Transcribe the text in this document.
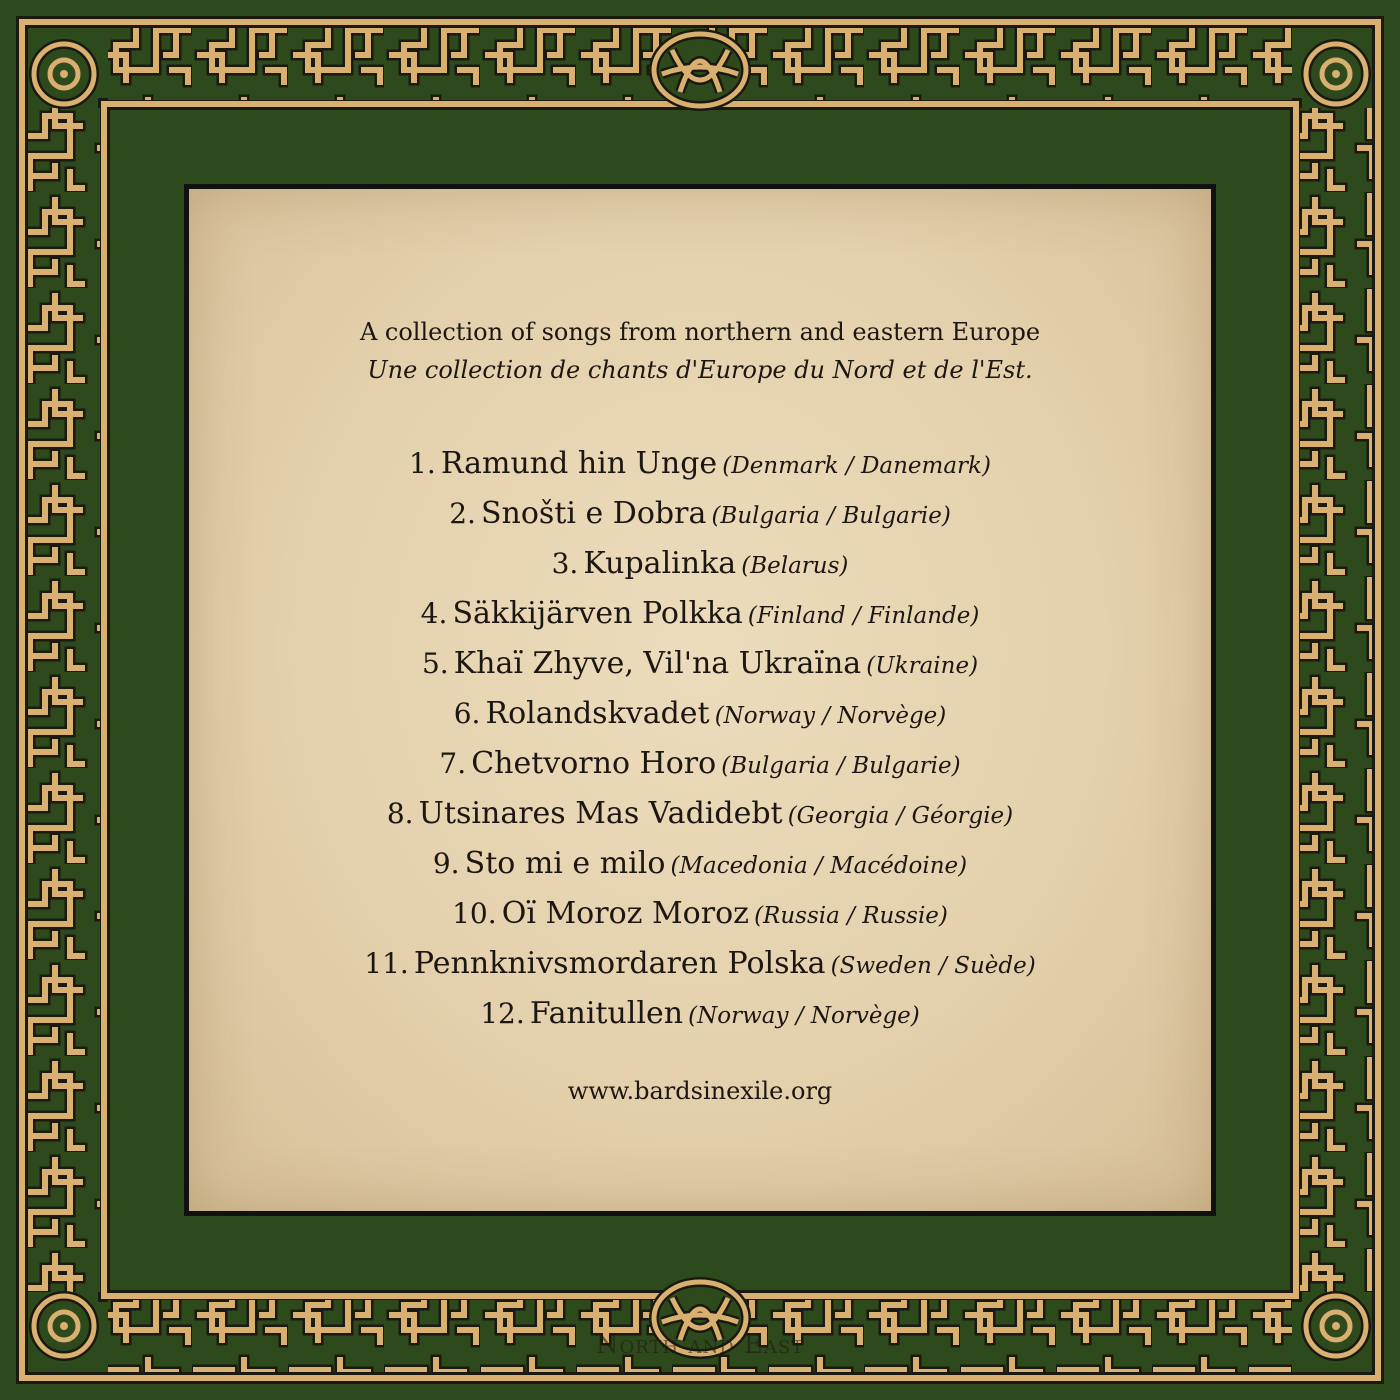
A collection of songs from northern and eastern Europe
Une collection de chants d'Europe du Nord et de l'Est.
1. Ramund hin Unge (Denmark / Danemark)
2. Snošti e Dobra (Bulgaria / Bulgarie)
3. Kupalinka (Belarus)
4. Säkkijärven Polkka (Finland / Finlande)
5. Khaï Zhyve, Vil'na Ukraïna (Ukraine)
6. Rolandskvadet (Norway / Norvège)
7. Chetvorno Horo (Bulgaria / Bulgarie)
8. Utsinares Mas Vadidebt (Georgia / Géorgie)
9. Sto mi e milo (Macedonia / Macédoine)
10. Oï Moroz Moroz (Russia / Russie)
11. Pennknivsmordaren Polska (Sweden / Suède)
12. Fanitullen (Norway / Norvège)
www.bardsinexile.org
North and East
